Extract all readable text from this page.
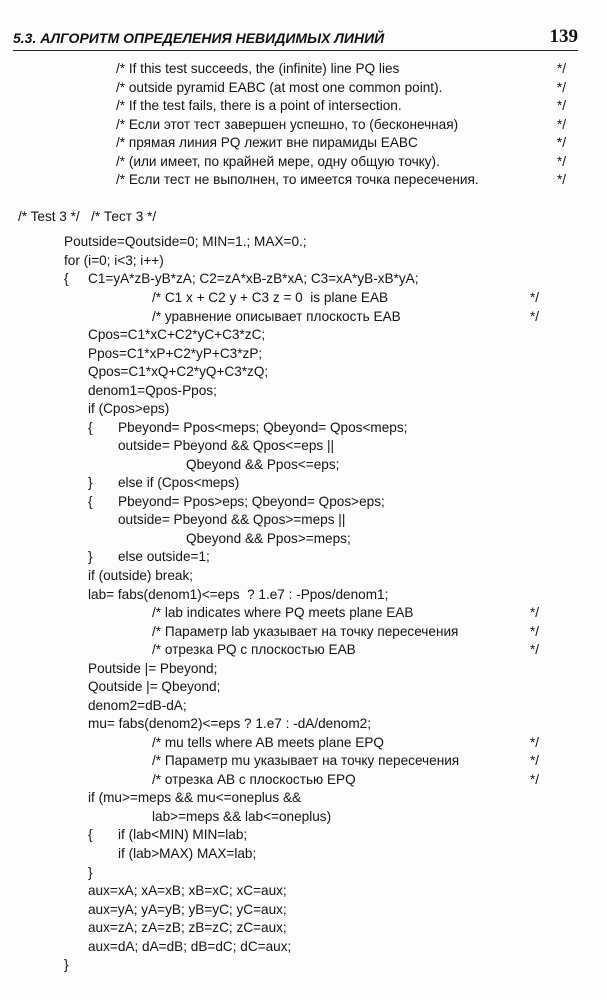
5.3. АЛГОРИТМ ОПРЕДЕЛЕНИЯ НЕВИДИМЫХ ЛИНИЙ	139
/* If this test succeeds, the (infinite) line PQ lies	*/
/* outside pyramid EABC (at most one common point).	*/
/* If the test fails, there is a point of intersection.	*/
/* Если этот тест завершен успешно, то (бесконечная)	*/
/* прямая линия PQ лежит вне пирамиды EABC	*/
/* (или имеет, по крайней мере, одну общую точку).	*/
/* Если тест не выполнен, то имеется точка пересечения.	*/
/* Test 3 */   /* Тест 3 */
Poutside=Qoutside=0; MIN=1.; MAX=0.;
for (i=0; i<3; i++)
{ C1=yA*zB-yB*zA; C2=zA*xB-zB*xA; C3=xA*yB-xB*yA;
/* C1 x + C2 y + C3 z = 0  is plane EAB	*/
/* уравнение описывает плоскость EAB	*/
Cpos=C1*xC+C2*yC+C3*zC;
Ppos=C1*xP+C2*yP+C3*zP;
Qpos=C1*xQ+C2*yQ+C3*zQ;
denom1=Qpos-Ppos;
if (Cpos>eps)
{ Pbeyond= Ppos<meps; Qbeyond= Qpos<meps;
outside= Pbeyond && Qpos<=eps ||
Qbeyond && Ppos<=eps;
} else if (Cpos<meps)
{ Pbeyond= Ppos>eps; Qbeyond= Qpos>eps;
outside= Pbeyond && Qpos>=meps ||
Qbeyond && Ppos>=meps;
} else outside=1;
if (outside) break;
lab= fabs(denom1)<=eps  ? 1.e7 : -Ppos/denom1;
/* lab indicates where PQ meets plane EAB	*/
/* Параметр lab указывает на точку пересечения	*/
/* отрезка PQ с плоскостью EAB	*/
Poutside |= Pbeyond;
Qoutside |= Qbeyond;
denom2=dB-dA;
mu= fabs(denom2)<=eps ? 1.e7 : -dA/denom2;
/* mu tells where AB meets plane EPQ	*/
/* Параметр mu указывает на точку пересечения	*/
/* отрезка AB с плоскостью EPQ	*/
if (mu>=meps && mu<=oneplus &&
lab>=meps && lab<=oneplus)
{ if (lab<MIN) MIN=lab;
if (lab>MAX) MAX=lab;
}
aux=xA; xA=xB; xB=xC; xC=aux;
aux=yA; yA=yB; yB=yC; yC=aux;
aux=zA; zA=zB; zB=zC; zC=aux;
aux=dA; dA=dB; dB=dC; dC=aux;
}
